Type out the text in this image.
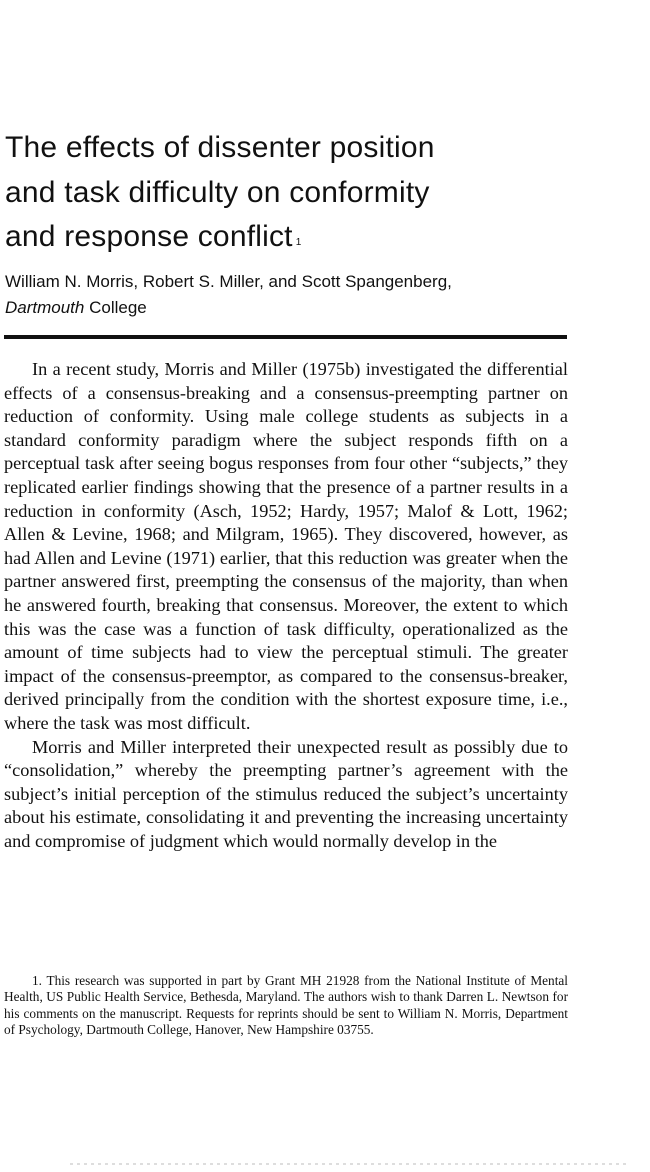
The effects of dissenter position
and task difficulty on conformity
and response conflict $^1$

William N. Morris, Robert S. Miller, and Scott Spangenberg,
Dartmouth College

In a recent study, Morris and Miller (1975b) investigated the differential effects of a consensus-breaking and a consensus-preempting partner on reduction of conformity. Using male college students as subjects in a standard conformity paradigm where the subject responds fifth on a perceptual task after seeing bogus responses from four other “subjects,” they replicated earlier findings showing that the presence of a partner results in a reduction in conformity (Asch, 1952; Hardy, 1957; Malof & Lott, 1962; Allen & Levine, 1968; and Milgram, 1965). They discovered, however, as had Allen and Levine (1971) earlier, that this reduction was greater when the partner answered first, preempting the consensus of the majority, than when he answered fourth, breaking that consensus. Moreover, the extent to which this was the case was a function of task difficulty, operationalized as the amount of time subjects had to view the perceptual stimuli. The greater impact of the consensus-preemptor, as compared to the consensus-breaker, derived principally from the condition with the shortest exposure time, i.e., where the task was most difficult.

Morris and Miller interpreted their unexpected result as possibly due to “consolidation,” whereby the preempting partner’s agreement with the subject’s initial perception of the stimulus reduced the subject’s uncertainty about his estimate, consolidating it and preventing the increasing uncertainty and compromise of judgment which would normally develop in the

1. This research was supported in part by Grant MH 21928 from the National Institute of Mental Health, US Public Health Service, Bethesda, Maryland. The authors wish to thank Darren L. Newtson for his comments on the manuscript. Requests for reprints should be sent to William N. Morris, Department of Psychology, Dartmouth College, Hanover, New Hampshire 03755.
